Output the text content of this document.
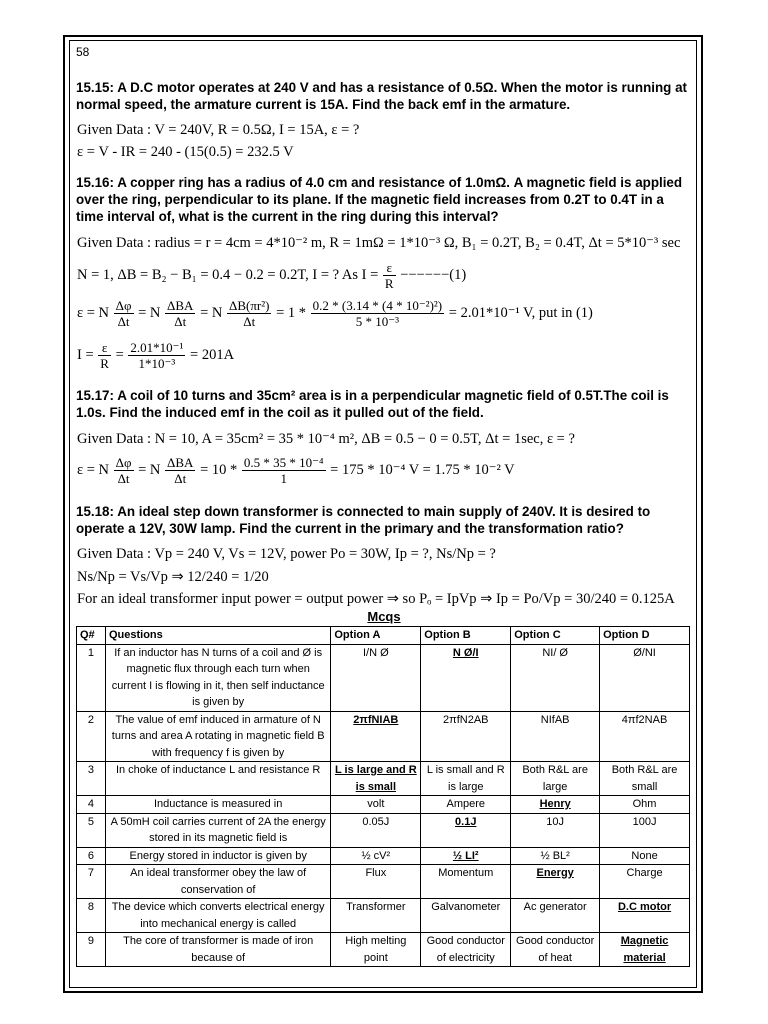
58
15.15: A D.C motor operates at 240 V and has a resistance of 0.5Ω. When the motor is running at normal speed, the armature current is 15A. Find the back emf in the armature.
Given Data : V = 240V, R = 0.5Ω, I = 15A, ε = ?
ε = V - IR = 240 - (15(0.5) = 232.5 V
15.16: A copper ring has a radius of 4.0 cm and resistance of 1.0mΩ. A magnetic field is applied over the ring, perpendicular to its plane. If the magnetic field increases from 0.2T to 0.4T in a time interval of, what is the current in the ring during this interval?
Given Data : radius = r = 4cm = 4*10⁻² m, R = 1mΩ = 1*10⁻³ Ω, B₁ = 0.2T, B₂ = 0.4T, Δt = 5*10⁻³ sec
N = 1, ΔB = B₂ − B₁ = 0.4 − 0.2 = 0.2T, I = ? As $I = \frac{\varepsilon}{R} ------(1)$
ε = N $\frac{\Delta\varphi}{\Delta t} = N \frac{\text{ΔBA}}{\Delta t} = N \frac{\text{ΔB(πr²)}}{\Delta t} = 1 * \frac{\text{0.2 * (3.14 * (4 * 10⁻²)²)}}{\text{5 * 10⁻³}} = 2.01*10^{-1}$ V, put in (1)
$I = \frac{\varepsilon}{R} = \frac{\text{2.01*10⁻¹}}{\text{1*10⁻³}} = 201A$
15.17: A coil of 10 turns and 35cm² area is in a perpendicular magnetic field of 0.5T.The coil is 1.0s. Find the induced emf in the coil as it pulled out of the field.
Given Data : N = 10, A = 35cm² = 35 * 10⁻⁴ m², ΔB = 0.5 − 0 = 0.5T, Δt = 1sec, ε = ?
ε = N $\frac{\Delta\varphi}{\Delta t} = N \frac{\text{ΔBA}}{\Delta t} = 10 * \frac{\text{0.5 * 35 * 10⁻⁴}}{1} = 175 * 10^{-4}$ V = 1.75 * 10⁻² V
15.18: An ideal step down transformer is connected to main supply of 240V. It is desired to operate a 12V, 30W lamp. Find the current in the primary and the transformation ratio?
Given Data : Vp = 240 V, Vs = 12V, power Po = 30W, Ip = ?, Ns/Np = ?
Ns/Np = Vs/Vp ⇒ 12/240 = 1/20
For an ideal transformer input power = output power ⇒ so Pₒ = IpVp ⇒ Ip = Po/Vp = 30/240 = 0.125A
Mcqs
Q#	Questions	Option A	Option B	Option C	Option D
1	If an inductor has N turns of a coil and Ø is magnetic flux through each turn when current I is flowing in it, then self inductance is given by	I/N Ø	N Ø/I	NI/ Ø	Ø/NI
2	The value of emf induced in armature of N turns and area A rotating in magnetic field B with frequency f is given by	2πfNIAB	2πfN2AB	NIfAB	4πf2NAB
3	In choke of inductance L and resistance R	L is large and R is small	L is small and R is large	Both R&L are large	Both R&L are small
4	Inductance is measured in	volt	Ampere	Henry	Ohm
5	A 50mH coil carries current of 2A the energy stored in its magnetic field is	0.05J	0.1J	10J	100J
6	Energy stored in inductor is given by	½ cV²	½ LI²	½ BL²	None
7	An ideal transformer obey the law of conservation of	Flux	Momentum	Energy	Charge
8	The device which converts electrical energy into mechanical energy is called	Transformer	Galvanometer	Ac generator	D.C motor
9	The core of transformer is made of iron because of	High melting point	Good conductor of electricity	Good conductor of heat	Magnetic material
